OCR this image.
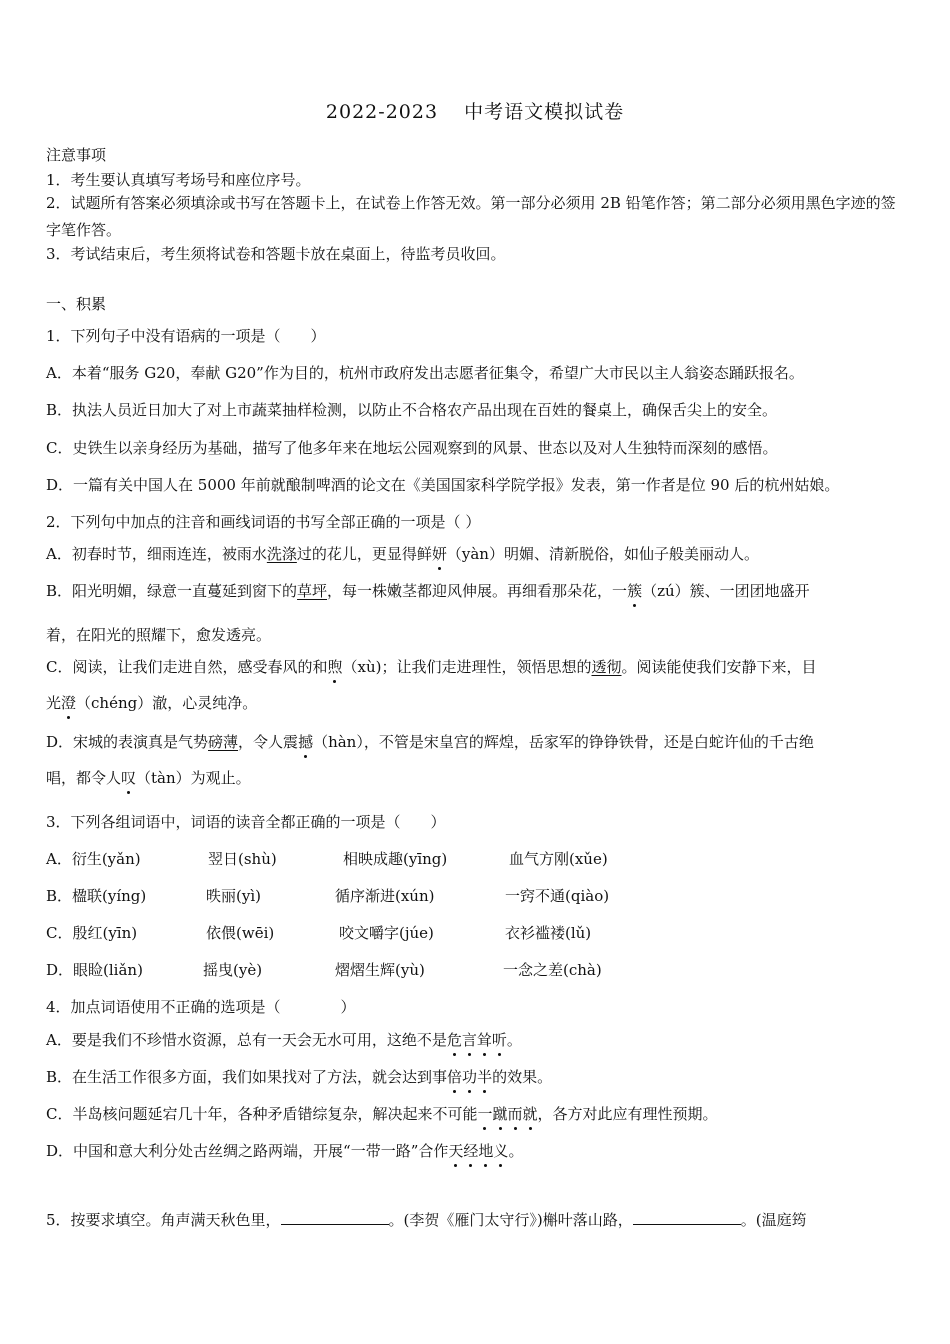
2022-2023 中考语文模拟试卷
注意事项
1．考生要认真填写考场号和座位序号。
2．试题所有答案必须填涂或书写在答题卡上，在试卷上作答无效。第一部分必须用 2B 铅笔作答；第二部分必须用黑色字迹的签字笔作答。
3．考试结束后，考生须将试卷和答题卡放在桌面上，待监考员收回。
一、积累
1．下列句子中没有语病的一项是（　　）
A．本着“服务 G20，奉献 G20”作为目的，杭州市政府发出志愿者征集令，希望广大市民以主人翁姿态踊跃报名。
B．执法人员近日加大了对上市蔬菜抽样检测，以防止不合格农产品出现在百姓的餐桌上，确保舌尖上的安全。
C．史铁生以亲身经历为基础，描写了他多年来在地坛公园观察到的风景、世态以及对人生独特而深刻的感悟。
D．一篇有关中国人在 5000 年前就酿制啤酒的论文在《美国国家科学院学报》发表，第一作者是位 90 后的杭州姑娘。
2．下列句中加点的注音和画线词语的书写全部正确的一项是（ ）
A．初春时节，细雨连连，被雨水洗涤过的花儿，更显得鲜妍（yàn）明媚、清新脱俗，如仙子般美丽动人。
B．阳光明媚，绿意一直蔓延到窗下的草坪，每一株嫩茎都迎风伸展。再细看那朵花，一簇（zú）簇、一团团地盛开
着，在阳光的照耀下，愈发透亮。
C．阅读，让我们走进自然，感受春风的和煦（xù)；让我们走进理性，领悟思想的透彻。阅读能使我们安静下来，目
光澄（chéng）澈，心灵纯净。
D．宋城的表演真是气势磅薄，令人震撼（hàn），不管是宋皇宫的辉煌，岳家军的铮铮铁骨，还是白蛇许仙的千古绝
唱，都令人叹（tàn）为观止。
3．下列各组词语中，词语的读音全都正确的一项是（　　）
A．衍生(yǎn)	翌日(shù)	相映成趣(yīng)	血气方刚(xǔe)
B．楹联(yíng)	昳丽(yì)	循序渐进(xún)	一窍不通(qiào)
C．殷红(yīn)	依偎(wēi)	咬文嚼字(júe)	衣衫褴褛(lǔ)
D．眼睑(liǎn)	摇曳(yè)	熠熠生辉(yù)	一念之差(chà)
4．加点词语使用不正确的选项是（　　　　）
A．要是我们不珍惜水资源，总有一天会无水可用，这绝不是危言耸听。
B．在生活工作很多方面，我们如果找对了方法，就会达到事倍功半的效果。
C．半岛核问题延宕几十年，各种矛盾错综复杂，解决起来不可能一蹴而就，各方对此应有理性预期。
D．中国和意大利分处古丝绸之路两端，开展“一带一路”合作天经地义。
5．按要求填空。角声满天秋色里，	。(李贺《雁门太守行》)槲叶落山路，	。(温庭筠
